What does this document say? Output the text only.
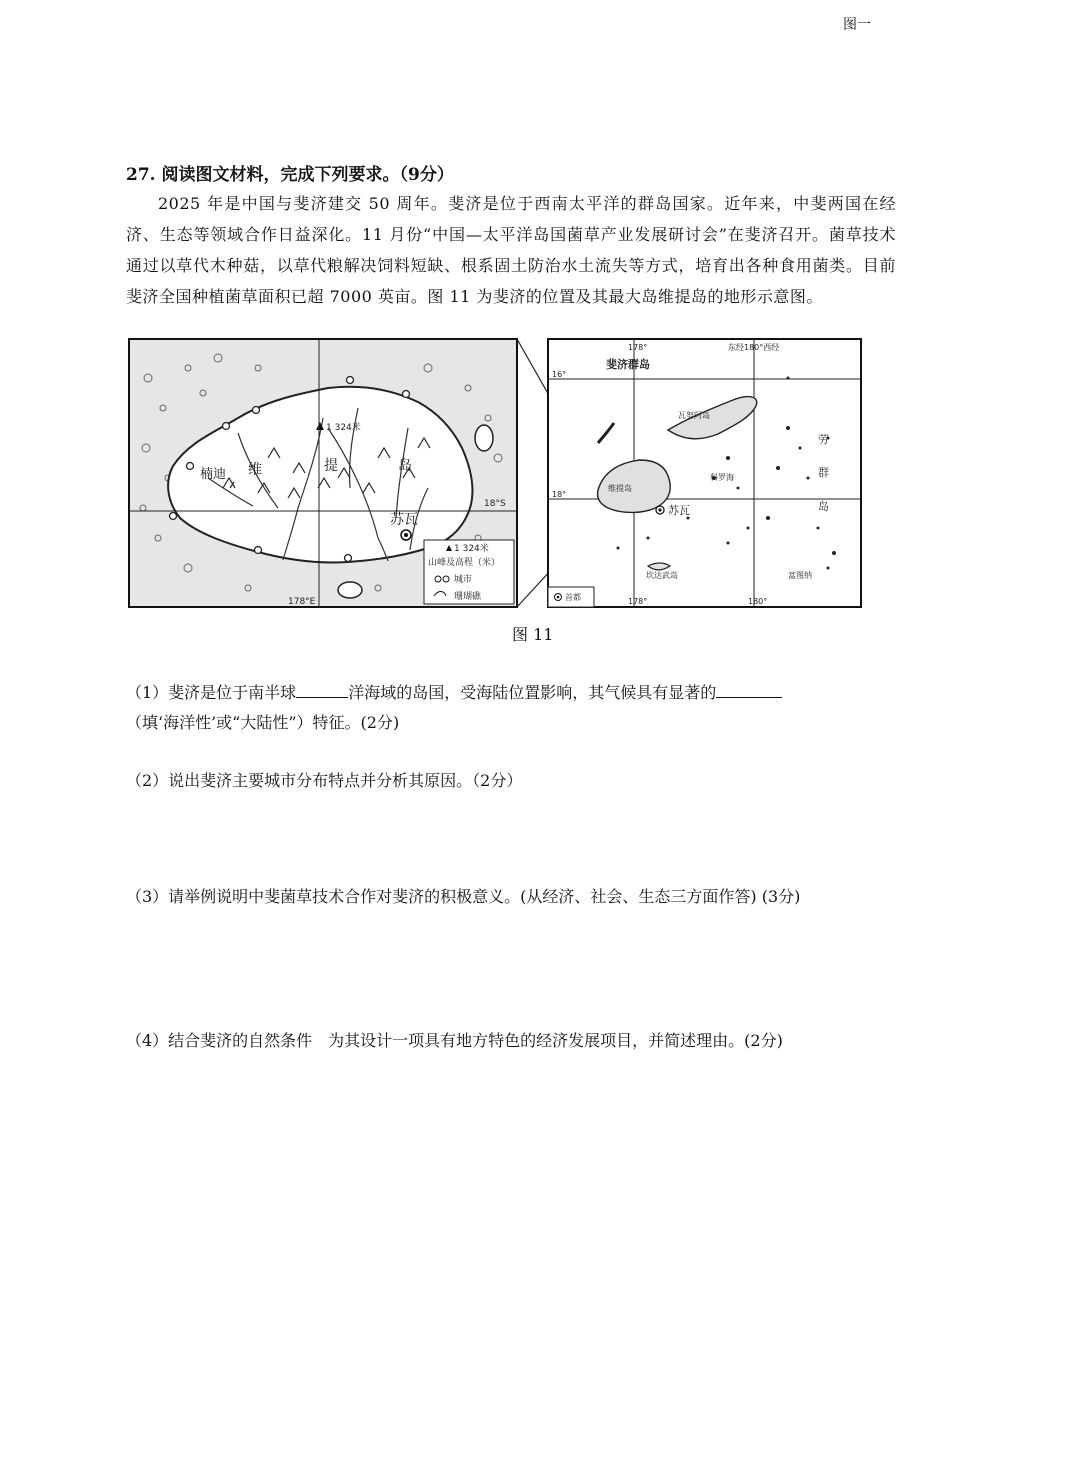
图一
27. 阅读图文材料，完成下列要求。（9分）
2025 年是中国与斐济建交 50 周年。斐济是位于西南太平洋的群岛国家。近年来，中斐两国在经济、生态等领域合作日益深化。11 月份“中国—太平洋岛国菌草产业发展研讨会”在斐济召开。菌草技术通过以草代木种菇，以草代粮解决饲料短缺、根系固土防治水土流失等方式，培育出各种食用菌类。目前斐济全国种植菌草面积已超 7000 英亩。图 11 为斐济的位置及其最大岛维提岛的地形示意图。
1 324米
18°S
178°E
楠迪 维	提	岛
苏瓦
1 324米
山峰及高程（米）
城市
珊瑚礁
东经180°西经
178°
16°
18°
178°	180°
斐济群岛
瓦努阿岛
维提岛
苏瓦
科罗海
劳
群
岛
坎达武岛	富图纳
首都
图 11
（1）斐济是位于南半球	洋海域的岛国，受海陆位置影响，其气候具有显著的
（填‘海洋性’或“大陆性”）特征。(2分)
（2）说出斐济主要城市分布特点并分析其原因。（2分）
（3）请举例说明中斐菌草技术合作对斐济的积极意义。(从经济、社会、生态三方面作答) (3分)
（4）结合斐济的自然条件　为其设计一项具有地方特色的经济发展项目，并简述理由。(2分)
